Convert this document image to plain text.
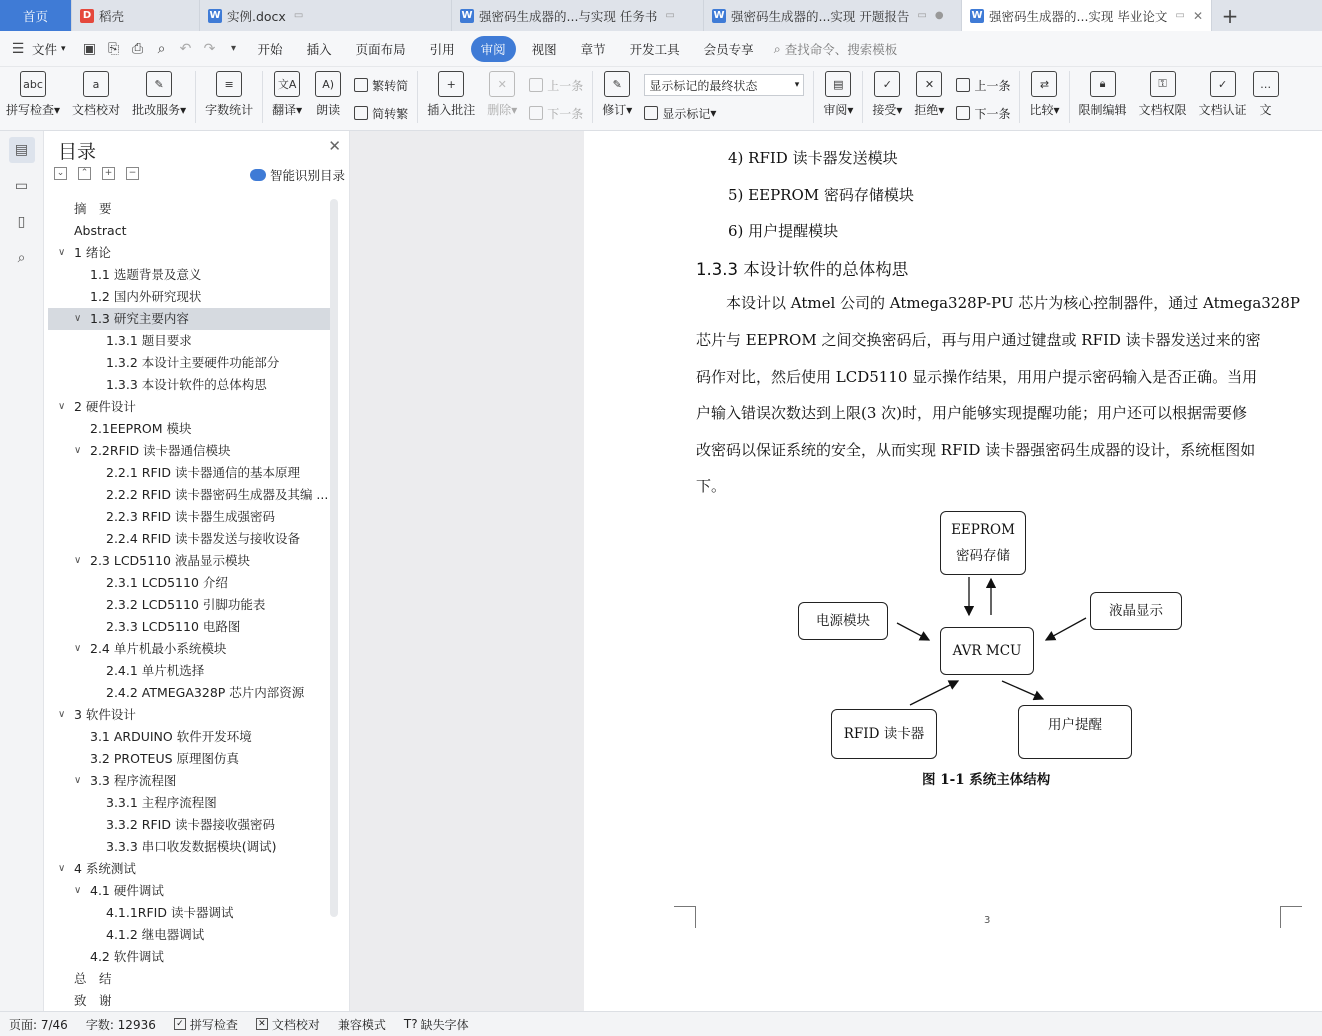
首页	D 稻壳	W 实例.docx ▭	W 强密码生成器的...与实现 任务书 ▭	W 强密码生成器的...实现 开题报告 ▭ ●	W 强密码生成器的...实现 毕业论文 ▭ ✕ +
☰ 文件 ▾	▣ ⎘ ⎙	⌕	↶ ↷	▾	开始	插入	页面布局	引用	审阅	视图	章节	开发工具	会员专享	⌕ 查找命令、搜索模板
abc
拼写检查▾
a
文档校对
✎
批改服务▾
≡
字数统计
文A
翻译▾
A)
朗读
繁转简
简转繁
+
插入批注
✕
删除▾
上一条
下一条
✎
修订▾
显示标记的最终状态	▾
显示标记 ▾
▤
审阅▾
✓
接受▾
✕
拒绝▾
上一条
下一条
⇄
比较▾
🔒︎
限制编辑
⚿
文档权限
✓
文档认证
…
文
▤
▭
▯
⌕
目录	✕
⌄	⌃	+	−	智能识别目录
摘　要
Abstract
∨ 1 绪论
1.1 选题背景及意义
1.2 国内外研究现状
∨ 1.3 研究主要内容
1.3.1 题目要求
1.3.2 本设计主要硬件功能部分
1.3.3 本设计软件的总体构思
∨ 2 硬件设计
2.1EEPROM 模块
∨ 2.2RFID 读卡器通信模块
2.2.1 RFID 读卡器通信的基本原理
2.2.2 RFID 读卡器密码生成器及其编 ...
2.2.3 RFID 读卡器生成强密码
2.2.4 RFID 读卡器发送与接收设备
∨ 2.3 LCD5110 液晶显示模块
2.3.1 LCD5110 介绍
2.3.2 LCD5110 引脚功能表
2.3.3 LCD5110 电路图
∨ 2.4 单片机最小系统模块
2.4.1 单片机选择
2.4.2 ATMEGA328P 芯片内部资源
∨ 3 软件设计
3.1 ARDUINO 软件开发环境
3.2 PROTEUS 原理图仿真
∨ 3.3 程序流程图
3.3.1 主程序流程图
3.3.2 RFID 读卡器接收强密码
3.3.3 串口收发数据模块(调试)
∨ 4 系统测试
∨ 4.1 硬件调试
4.1.1RFID 读卡器调试
4.1.2 继电器调试
4.2 软件调试
总　结
致　谢
4) RFID 读卡器发送模块
5) EEPROM 密码存储模块
6) 用户提醒模块
1.3.3 本设计软件的总体构思
　　本设计以 Atmel 公司的 Atmega328P-PU 芯片为核心控制器件，通过 Atmega328P
芯片与 EEPROM 之间交换密码后，再与用户通过键盘或 RFID 读卡器发送过来的密
码作对比，然后使用 LCD5110 显示操作结果，用用户提示密码输入是否正确。当用
户输入错误次数达到上限(3 次)时，用户能够实现提醒功能；用户还可以根据需要修
改密码以保证系统的安全，从而实现 RFID 读卡器强密码生成器的设计，系统框图如
下。
EEPROM
密码存储
电源模块
液晶显示
AVR MCU
RFID 读卡器
用户提醒
图 1-1 系统主体结构
3
页面: 7/46	字数: 12936	✓ 拼写检查 ✕ 文档校对	兼容模式	T? 缺失字体
